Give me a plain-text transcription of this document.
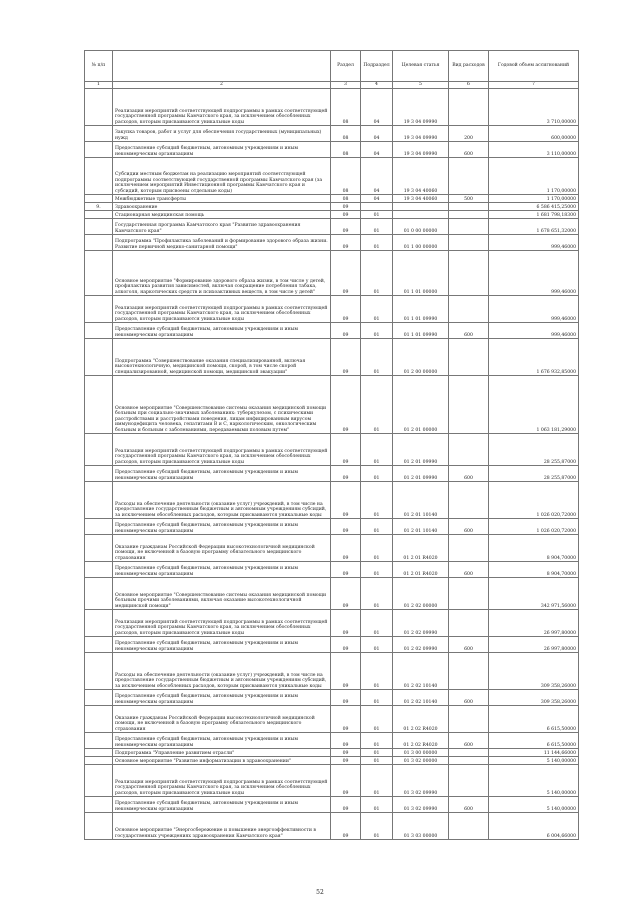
№ п/п		Раздел	Подраздел	Целевая статья	Вид расходов	Годовой объем ассигнований
1	2	3	4	5	6	7
	Реализация мероприятий соответствующей подпрограммы в рамках соответствующей государственной программы Камчатского края, за исключением обособленных расходов, которым присваиваются уникальные коды	08	04	19 3 04 09990		3 710,00000
	Закупка товаров, работ и услуг для обеспечения государственных (муниципальных) нужд	08	04	19 3 04 09990	200	600,00000
	Предоставление субсидий бюджетным, автономным учреждениям и иным некоммерческим организациям	08	04	19 3 04 09990	600	3 110,00000
	Субсидии местным бюджетам на реализацию мероприятий соответствующей подпрограммы соответствующей государственной программы Камчатского края (за исключением мероприятий Инвестиционной программы Камчатского края и субсидий, которым присвоены отдельные коды)	08	04	19 3 04 40060		1 170,00000
	Межбюджетные трансферты	08	04	19 3 04 40060	500	1 170,00000
9.	Здравоохранение	09				6 586 415,25000
	Стационарная медицинская помощь	09	01			1 681 798,18300
	Государственная программа Камчатского края "Развитие здравоохранения Камчатского края"	09	01	01 0 00 00000		1 678 651,32000
	Подпрограмма "Профилактика заболеваний и формирование здорового образа жизни. Развитие первичной медико-санитарной помощи"	09	01	01 1 00 00000		999,46000
	Основное мероприятие "Формирование здорового образа жизни, в том числе у детей, профилактика развития зависимостей, включая сокращение потребления табака, алкоголя, наркотических средств и психоактивных веществ, в том числе у детей"	09	01	01 1 01 00000		999,46000
	Реализация мероприятий соответствующей подпрограммы в рамках соответствующей государственной программы Камчатского края, за исключением обособленных расходов, которым присваиваются уникальные коды	09	01	01 1 01 09990		999,46000
	Предоставление субсидий бюджетным, автономным учреждениям и иным некоммерческим организациям	09	01	01 1 01 09990	600	999,46000
	Подпрограмма "Совершенствование оказания специализированной, включая высокотехнологичную, медицинской помощи, скорой, в том числе скорой специализированной, медицинской помощи, медицинской эвакуации"	09	01	01 2 00 00000		1 676 932,85000
	Основное мероприятие "Совершенствование системы оказания медицинской помощи больным при социально-значимых заболеваниях: туберкулезом, с психическими расстройствами и расстройствами поведения, лицам инфицированным вирусом иммунодефицита человека, гепатитами B и C, наркологическим, онкологическим больным и больным с заболеваниями, передаваемыми половым путем"	09	01	01 2 01 00000		1 063 181,29000
	Реализация мероприятий соответствующей подпрограммы в рамках соответствующей государственной программы Камчатского края, за исключением обособленных расходов, которым присваиваются уникальные коды	09	01	01 2 01 09990		28 255,87000
	Предоставление субсидий бюджетным, автономным учреждениям и иным некоммерческим организациям	09	01	01 2 01 09990	600	28 255,87000
	Расходы на обеспечение деятельности (оказание услуг) учреждений, в том числе на предоставление государственным бюджетным и автономным учреждениям субсидий, за исключением обособленных расходов, которым присваиваются уникальные коды	09	01	01 2 01 10140		1 026 020,72000
	Предоставление субсидий бюджетным, автономным учреждениям и иным некоммерческим организациям	09	01	01 2 01 10140	600	1 026 020,72000
	Оказание гражданам Российской Федерации высокотехнологичной медицинской помощи, не включенной в базовую программу обязательного медицинского страхования	09	01	01 2 01 R4020		8 904,70000
	Предоставление субсидий бюджетным, автономным учреждениям и иным некоммерческим организациям	09	01	01 2 01 R4020	600	8 904,70000
	Основное мероприятие "Совершенствование системы оказания медицинской помощи больным прочими заболеваниями, включая оказание высокотехнологичной медицинской помощи"	09	01	01 2 02 00000		342 971,56000
	Реализация мероприятий соответствующей подпрограммы в рамках соответствующей государственной программы Камчатского края, за исключением обособленных расходов, которым присваиваются уникальные коды	09	01	01 2 02 09990		26 997,80000
	Предоставление субсидий бюджетным, автономным учреждениям и иным некоммерческим организациям	09	01	01 2 02 09990	600	26 997,80000
	Расходы на обеспечение деятельности (оказание услуг) учреждений, в том числе на предоставление государственным бюджетным и автономным учреждениям субсидий, за исключением обособленных расходов, которым присваиваются уникальные коды	09	01	01 2 02 10140		309 358,26000
	Предоставление субсидий бюджетным, автономным учреждениям и иным некоммерческим организациям	09	01	01 2 02 10140	600	309 358,26000
	Оказание гражданам Российской Федерации высокотехнологичной медицинской помощи, не включенной в базовую программу обязательного медицинского страхования	09	01	01 2 02 R4020		6 615,50000
	Предоставление субсидий бюджетным, автономным учреждениям и иным некоммерческим организациям	09	01	01 2 02 R4020	600	6 615,50000
	Подпрограмма "Управление развитием отрасли"	09	01	01 3 00 00000		11 144,66000
	Основное мероприятие "Развитие информатизации в здравоохранении"	09	01	01 3 02 00000		5 140,00000
	Реализация мероприятий соответствующей подпрограммы в рамках соответствующей государственной программы Камчатского края, за исключением обособленных расходов, которым присваиваются уникальные коды	09	01	01 3 02 09990		5 140,00000
	Предоставление субсидий бюджетным, автономным учреждениям и иным некоммерческим организациям	09	01	01 3 02 09990	600	5 140,00000
	Основное мероприятие "Энергосбережение и повышение энергоэффективности в государственных учреждениях здравоохранения Камчатского края"	09	01	01 3 03 00000		6 004,66000
52
